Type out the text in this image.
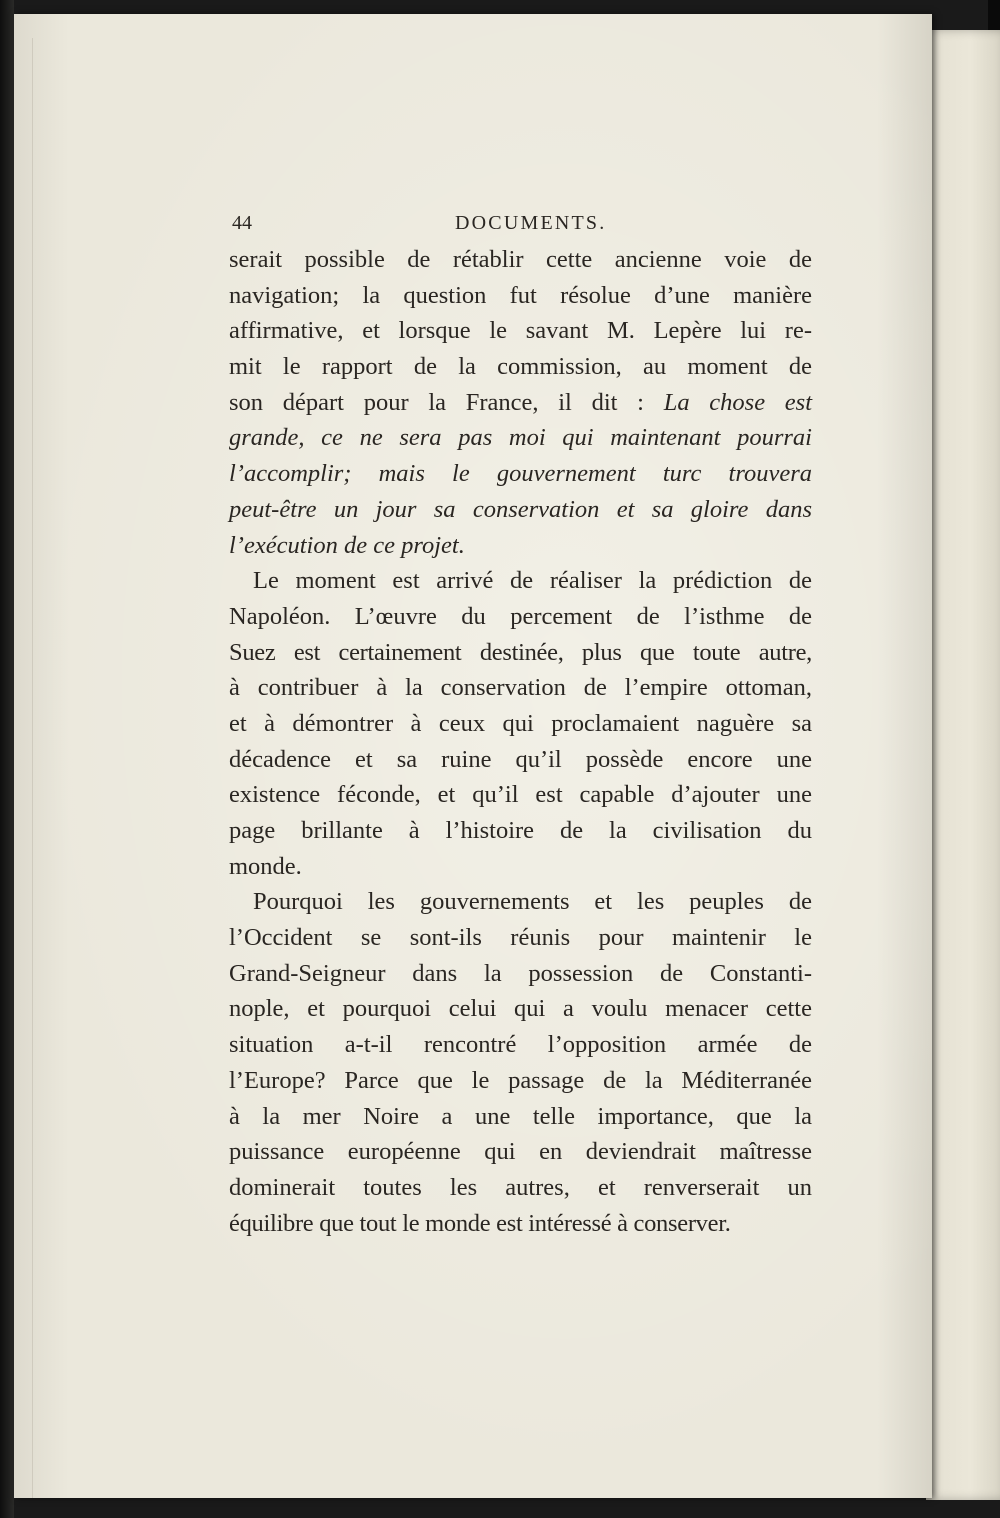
44	DOCUMENTS.
serait possible de rétablir cette ancienne voie de
navigation; la question fut résolue d’une manière
affirmative, et lorsque le savant M. Lepère lui re-
mit le rapport de la commission, au moment de
son départ pour la France, il dit : La chose est
grande, ce ne sera pas moi qui maintenant pourrai
l’accomplir; mais le gouvernement turc trouvera
peut-être un jour sa conservation et sa gloire dans
l’exécution de ce projet.
Le moment est arrivé de réaliser la prédiction de
Napoléon. L’œuvre du percement de l’isthme de
Suez est certainement destinée, plus que toute autre,
à contribuer à la conservation de l’empire ottoman,
et à démontrer à ceux qui proclamaient naguère sa
décadence et sa ruine qu’il possède encore une
existence féconde, et qu’il est capable d’ajouter une
page brillante à l’histoire de la civilisation du
monde.
Pourquoi les gouvernements et les peuples de
l’Occident se sont-ils réunis pour maintenir le
Grand-Seigneur dans la possession de Constanti-
nople, et pourquoi celui qui a voulu menacer cette
situation a-t-il rencontré l’opposition armée de
l’Europe? Parce que le passage de la Méditerranée
à la mer Noire a une telle importance, que la
puissance européenne qui en deviendrait maîtresse
dominerait toutes les autres, et renverserait un
équilibre que tout le monde est intéressé à conserver.
